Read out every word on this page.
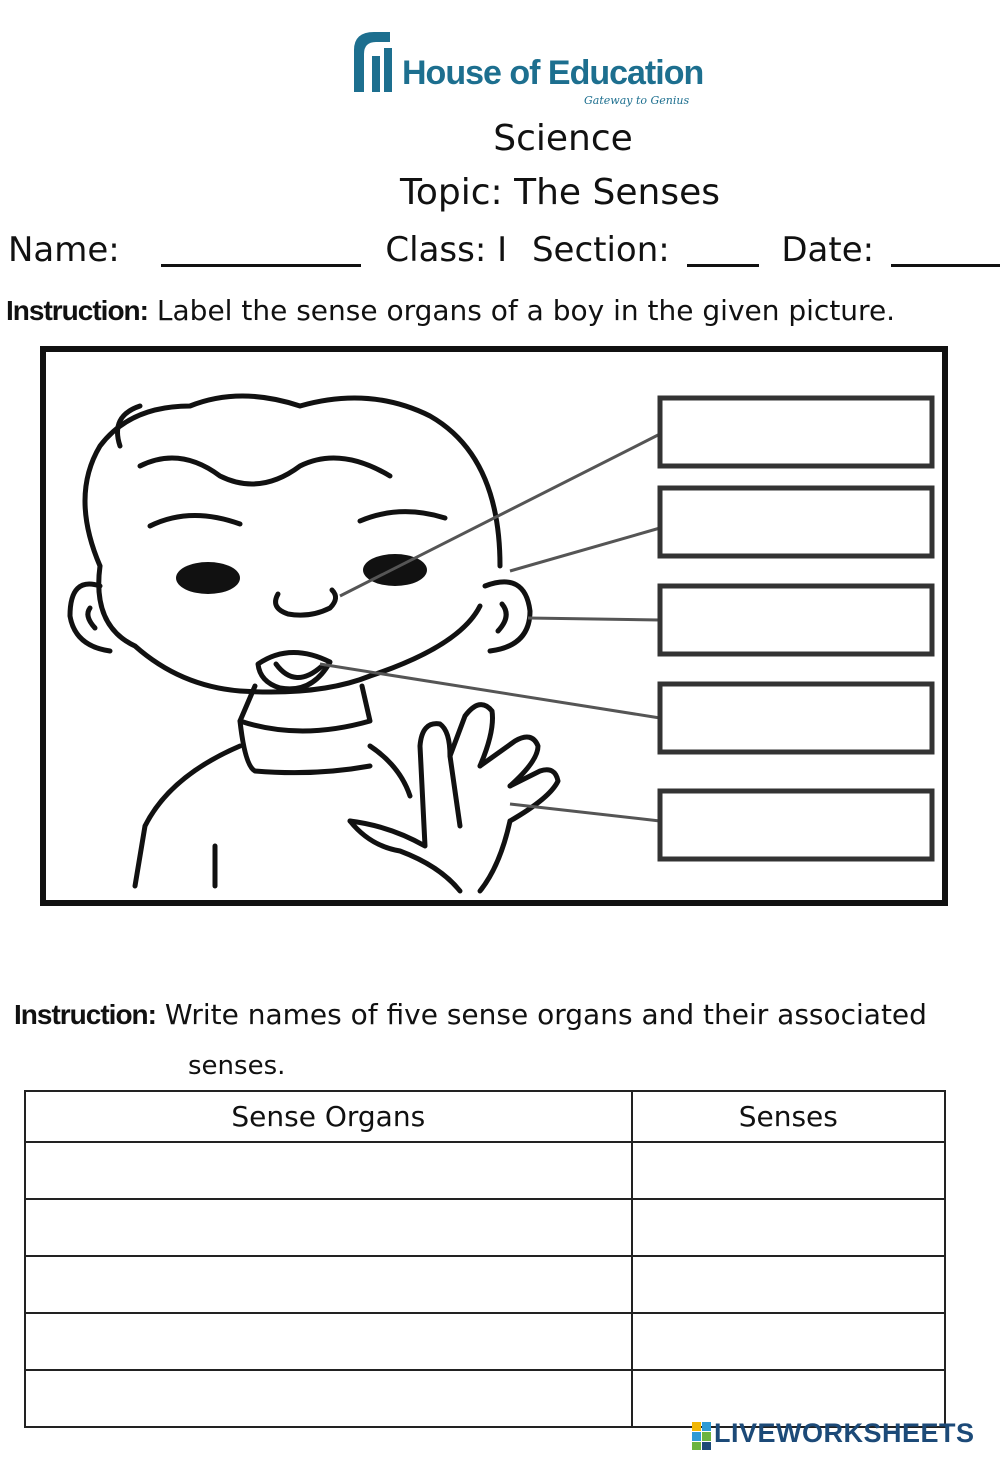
House of Education
Gateway to Genius
Science
Topic: The Senses
Name:	Class: I Section:	Date:
Instruction: Label the sense organs of a boy in the given picture.
Instruction: Write names of five sense organs and their associated
senses.
Sense Organs	Senses

LIVEWORKSHEETS
